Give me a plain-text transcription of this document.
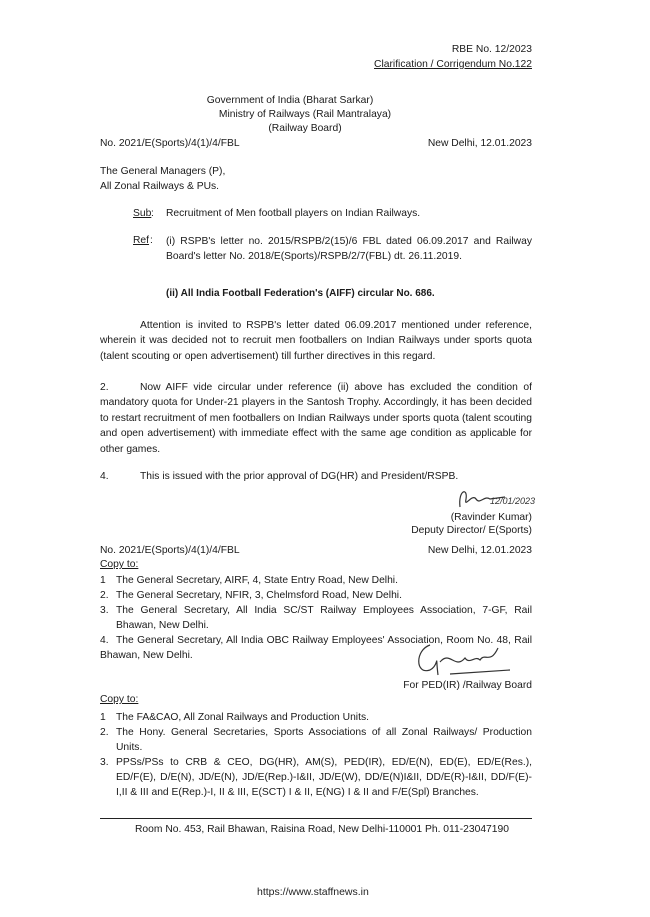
RBE No. 12/2023
Clarification / Corrigendum No.122
Government of India (Bharat Sarkar)
Ministry of Railways (Rail Mantralaya)
(Railway Board)
No. 2021/E(Sports)/4(1)/4/FBL	New Delhi, 12.01.2023
The General Managers (P),
All Zonal Railways & PUs.
Sub : Recruitment of Men football players on Indian Railways.
Ref : (i) RSPB's letter no. 2015/RSPB/2(15)/6 FBL dated 06.09.2017 and Railway Board's letter No. 2018/E(Sports)/RSPB/2/7(FBL) dt. 26.11.2019.
(ii) All India Football Federation's (AIFF) circular No. 686.
Attention is invited to RSPB's letter dated 06.09.2017 mentioned under reference, wherein it was decided not to recruit men footballers on Indian Railways under sports quota (talent scouting or open advertisement) till further directives in this regard.
2.	Now AIFF vide circular under reference (ii) above has excluded the condition of mandatory quota for Under-21 players in the Santosh Trophy. Accordingly, it has been decided to restart recruitment of men footballers on Indian Railways under sports quota (talent scouting and open advertisement) with immediate effect with the same age condition as applicable for other games.
4.	This is issued with the prior approval of DG(HR) and President/RSPB.
12/01/2023
(Ravinder Kumar)
Deputy Director/ E(Sports)
No. 2021/E(Sports)/4(1)/4/FBL	New Delhi, 12.01.2023
Copy to:
1 The General Secretary, AIRF, 4, State Entry Road, New Delhi.
2. The General Secretary, NFIR, 3, Chelmsford Road, New Delhi.
3. The General Secretary, All India SC/ST Railway Employees Association, 7-GF, Rail Bhawan, New Delhi.
4. The General Secretary, All India OBC Railway Employees' Association, Room No. 48, Rail Bhawan, New Delhi.
For PED(IR) /Railway Board
Copy to:
1 The FA&CAO, All Zonal Railways and Production Units.
2. The Hony. General Secretaries, Sports Associations of all Zonal Railways/ Production Units.
3. PPSs/PSs to CRB & CEO, DG(HR), AM(S), PED(IR), ED/E(N), ED(E), ED/E(Res.), ED/F(E), D/E(N), JD/E(N), JD/E(Rep.)-I&II, JD/E(W), DD/E(N)I&II, DD/E(R)-I&II, DD/F(E)-I,II & III and E(Rep.)-I, II & III, E(SCT) I & II, E(NG) I & II and F/E(Spl) Branches.
Room No. 453, Rail Bhawan, Raisina Road, New Delhi-110001 Ph. 011-23047190
https://www.staffnews.in
